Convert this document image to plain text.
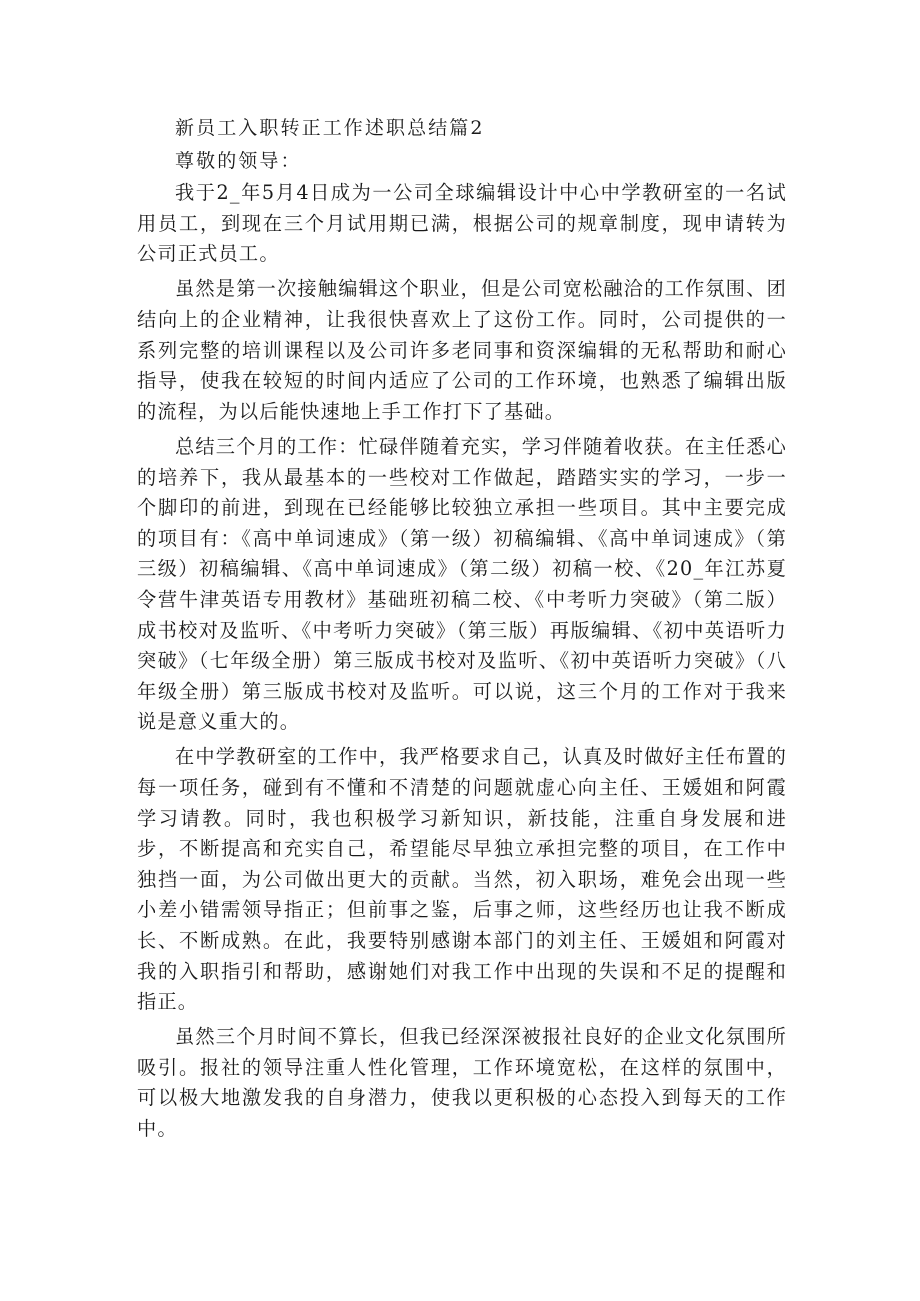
新员工入职转正工作述职总结篇2

尊敬的领导：

我于2_年5月4日成为一公司全球编辑设计中心中学教研室的一名试用员工，到现在三个月试用期已满，根据公司的规章制度，现申请转为公司正式员工。

虽然是第一次接触编辑这个职业，但是公司宽松融洽的工作氛围、团结向上的企业精神，让我很快喜欢上了这份工作。同时，公司提供的一系列完整的培训课程以及公司许多老同事和资深编辑的无私帮助和耐心指导，使我在较短的时间内适应了公司的工作环境，也熟悉了编辑出版的流程，为以后能快速地上手工作打下了基础。

总结三个月的工作：忙碌伴随着充实，学习伴随着收获。在主任悉心的培养下，我从最基本的一些校对工作做起，踏踏实实的学习，一步一个脚印的前进，到现在已经能够比较独立承担一些项目。其中主要完成的项目有：《高中单词速成》（第一级）初稿编辑、《高中单词速成》（第三级）初稿编辑、《高中单词速成》（第二级）初稿一校、《20_年江苏夏令营牛津英语专用教材》基础班初稿二校、《中考听力突破》（第二版）成书校对及监听、《中考听力突破》（第三版）再版编辑、《初中英语听力突破》（七年级全册）第三版成书校对及监听、《初中英语听力突破》（八年级全册）第三版成书校对及监听。可以说，这三个月的工作对于我来说是意义重大的。

在中学教研室的工作中，我严格要求自己，认真及时做好主任布置的每一项任务，碰到有不懂和不清楚的问题就虚心向主任、王媛姐和阿霞学习请教。同时，我也积极学习新知识，新技能，注重自身发展和进步，不断提高和充实自己，希望能尽早独立承担完整的项目，在工作中独挡一面，为公司做出更大的贡献。当然，初入职场，难免会出现一些小差小错需领导指正；但前事之鉴，后事之师，这些经历也让我不断成长、不断成熟。在此，我要特别感谢本部门的刘主任、王媛姐和阿霞对我的入职指引和帮助，感谢她们对我工作中出现的失误和不足的提醒和指正。

虽然三个月时间不算长，但我已经深深被报社良好的企业文化氛围所吸引。报社的领导注重人性化管理，工作环境宽松，在这样的氛围中，可以极大地激发我的自身潜力，使我以更积极的心态投入到每天的工作中。
